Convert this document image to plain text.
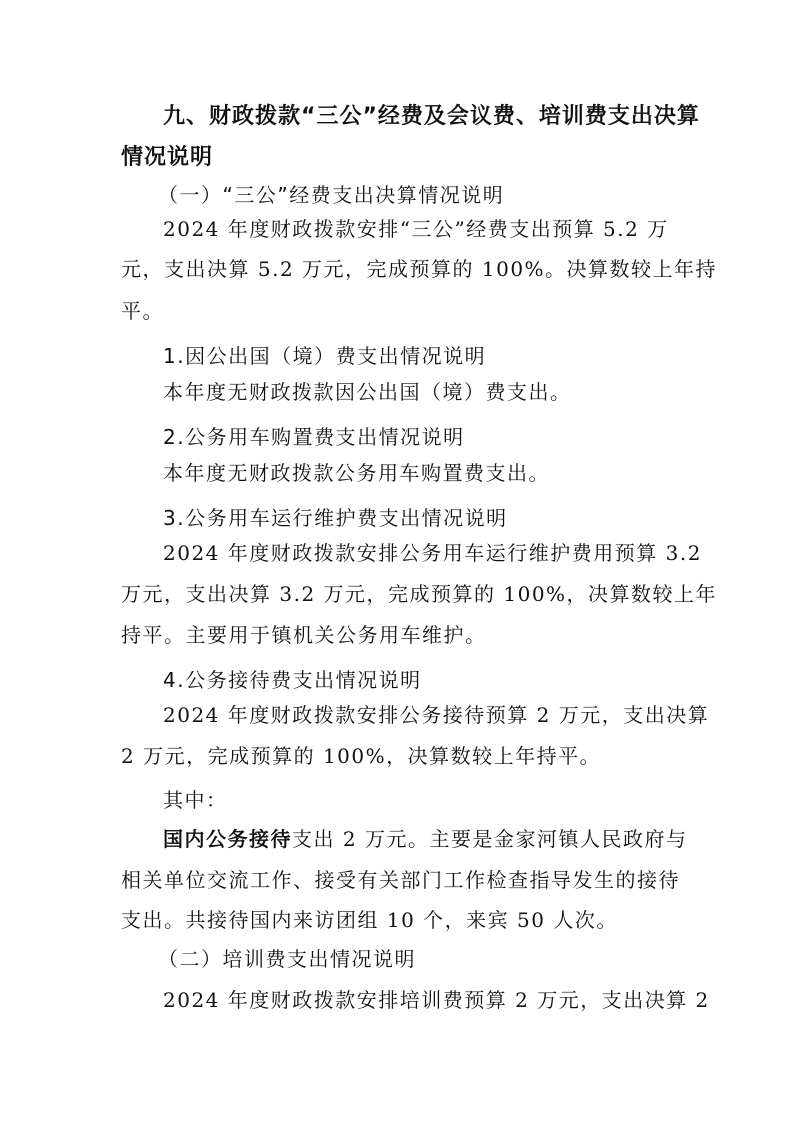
九、财政拨款“三公”经费及会议费、培训费支出决算
情况说明
（一）“三公”经费支出决算情况说明
2024 年度财政拨款安排“三公”经费支出预算 5.2 万
元，支出决算 5.2 万元，完成预算的 100%。决算数较上年持
平。
1.因公出国（境）费支出情况说明
本年度无财政拨款因公出国（境）费支出。
2.公务用车购置费支出情况说明
本年度无财政拨款公务用车购置费支出。
3.公务用车运行维护费支出情况说明
2024 年度财政拨款安排公务用车运行维护费用预算 3.2
万元，支出决算 3.2 万元，完成预算的 100%，决算数较上年
持平。主要用于镇机关公务用车维护。
4.公务接待费支出情况说明
2024 年度财政拨款安排公务接待预算 2 万元，支出决算
2 万元，完成预算的 100%，决算数较上年持平。
其中：
国内公务接待支出 2 万元。主要是金家河镇人民政府与
相关单位交流工作、接受有关部门工作检查指导发生的接待
支出。共接待国内来访团组 10 个，来宾 50 人次。
（二）培训费支出情况说明
2024 年度财政拨款安排培训费预算 2 万元，支出决算 2
